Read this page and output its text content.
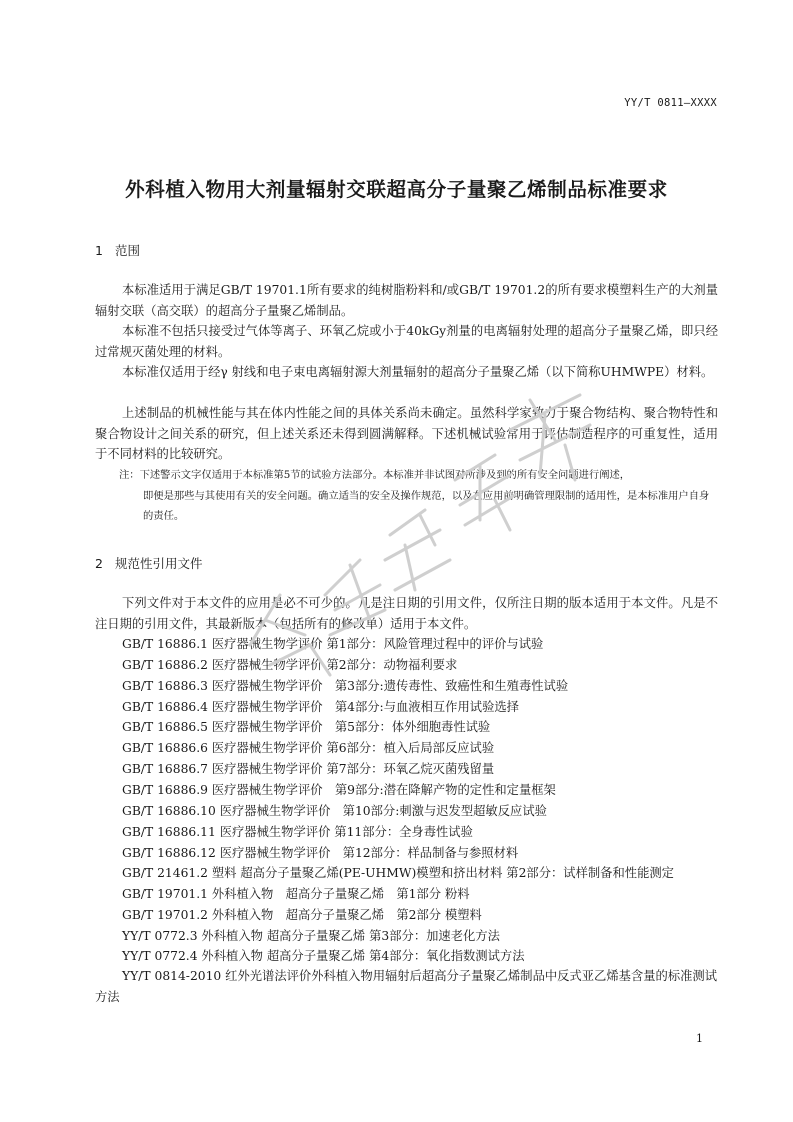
YY/T 0811—XXXX
外科植入物用大剂量辐射交联超高分子量聚乙烯制品标准要求
1 范围
本标准适用于满足GB/T 19701.1所有要求的纯树脂粉料和/或GB/T 19701.2的所有要求模塑料生产的大剂量辐射交联（高交联）的超高分子量聚乙烯制品。
本标准不包括只接受过气体等离子、环氧乙烷或小于40kGy剂量的电离辐射处理的超高分子量聚乙烯，即只经过常规灭菌处理的材料。
本标准仅适用于经γ 射线和电子束电离辐射源大剂量辐射的超高分子量聚乙烯（以下简称UHMWPE）材料。
上述制品的机械性能与其在体内性能之间的具体关系尚未确定。虽然科学家致力于聚合物结构、聚合物特性和聚合物设计之间关系的研究，但上述关系还未得到圆满解释。下述机械试验常用于评估制造程序的可重复性，适用于不同材料的比较研究。
注：下述警示文字仅适用于本标准第5节的试验方法部分。本标准并非试图对所涉及到的所有安全问题进行阐述，
即便是那些与其使用有关的安全问题。确立适当的安全及操作规范，以及在应用前明确管理限制的适用性，是本标准用户自身的责任。
2 规范性引用文件
下列文件对于本文件的应用是必不可少的。凡是注日期的引用文件，仅所注日期的版本适用于本文件。凡是不注日期的引用文件，其最新版本（包括所有的修改单）适用于本文件。
GB/T 16886.1 医疗器械生物学评价 第1部分：风险管理过程中的评价与试验
GB/T 16886.2 医疗器械生物学评价 第2部分：动物福利要求
GB/T 16886.3 医疗器械生物学评价　第3部分:遗传毒性、致癌性和生殖毒性试验
GB/T 16886.4 医疗器械生物学评价　第4部分:与血液相互作用试验选择
GB/T 16886.5 医疗器械生物学评价　第5部分：体外细胞毒性试验
GB/T 16886.6 医疗器械生物学评价 第6部分：植入后局部反应试验
GB/T 16886.7 医疗器械生物学评价 第7部分：环氧乙烷灭菌残留量
GB/T 16886.9 医疗器械生物学评价　第9部分:潜在降解产物的定性和定量框架
GB/T 16886.10 医疗器械生物学评价　第10部分:刺激与迟发型超敏反应试验
GB/T 16886.11 医疗器械生物学评价 第11部分：全身毒性试验
GB/T 16886.12 医疗器械生物学评价　第12部分：样品制备与参照材料
GB/T 21461.2 塑料 超高分子量聚乙烯(PE-UHMW)模塑和挤出材料 第2部分：试样制备和性能测定
GB/T 19701.1 外科植入物　超高分子量聚乙烯　第1部分 粉料
GB/T 19701.2 外科植入物　超高分子量聚乙烯　第2部分 模塑料
YY/T 0772.3 外科植入物 超高分子量聚乙烯 第3部分：加速老化方法
YY/T 0772.4 外科植入物 超高分子量聚乙烯 第4部分：氧化指数测试方法
YY/T 0814-2010 红外光谱法评价外科植入物用辐射后超高分子量聚乙烯制品中反式亚乙烯基含量的标准测试方法
1
